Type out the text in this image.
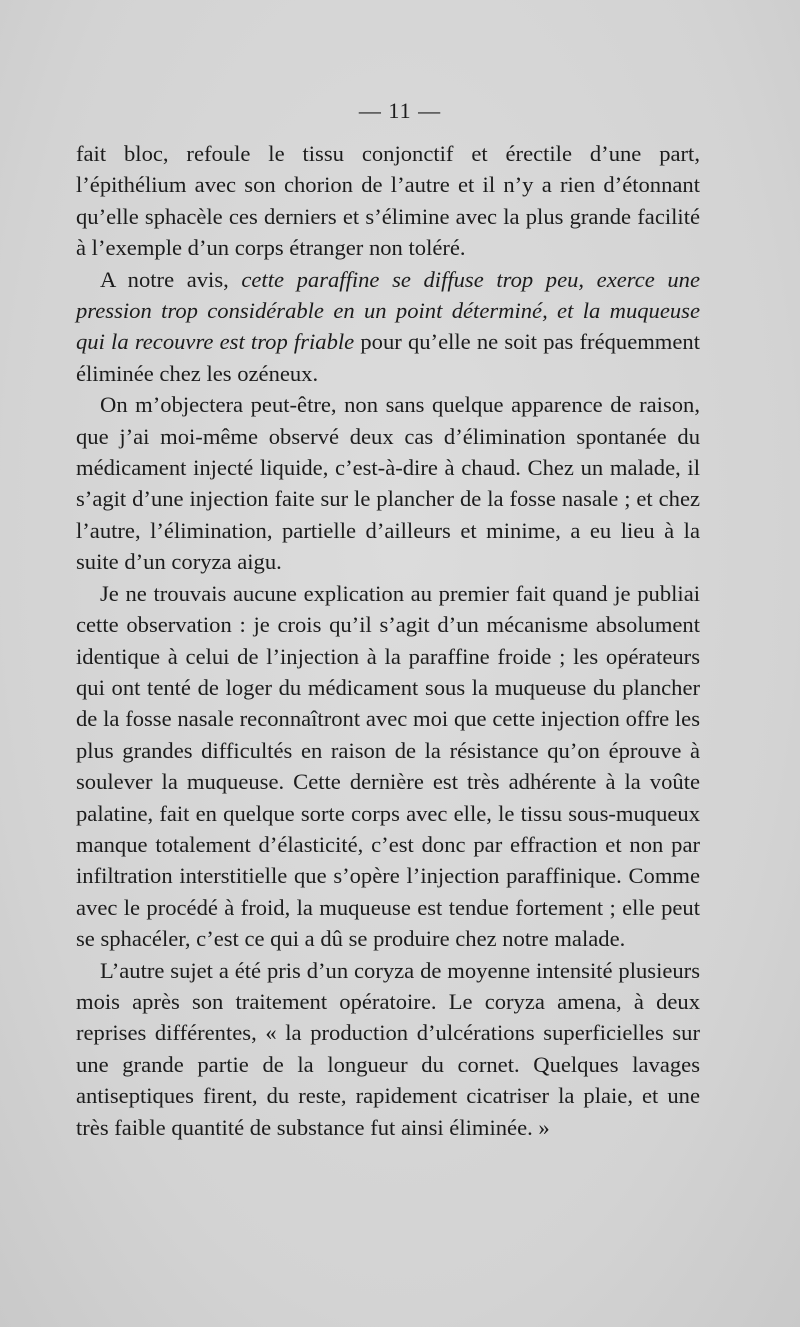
— 11 —

fait bloc, refoule le tissu conjonctif et érectile d’une part, l’épithélium avec son chorion de l’autre et il n’y a rien d’étonnant qu’elle sphacèle ces derniers et s’élimine avec la plus grande facilité à l’exemple d’un corps étranger non toléré.

A notre avis, cette paraffine se diffuse trop peu, exerce une pression trop considérable en un point déterminé, et la muqueuse qui la recouvre est trop friable pour qu’elle ne soit pas fréquemment éliminée chez les ozéneux.

On m’objectera peut-être, non sans quelque apparence de raison, que j’ai moi-même observé deux cas d’élimination spontanée du médicament injecté liquide, c’est-à-dire à chaud. Chez un malade, il s’agit d’une injection faite sur le plancher de la fosse nasale ; et chez l’autre, l’élimination, partielle d’ailleurs et minime, a eu lieu à la suite d’un coryza aigu.

Je ne trouvais aucune explication au premier fait quand je publiai cette observation : je crois qu’il s’agit d’un mécanisme absolument identique à celui de l’injection à la paraffine froide ; les opérateurs qui ont tenté de loger du médicament sous la muqueuse du plancher de la fosse nasale reconnaîtront avec moi que cette injection offre les plus grandes difficultés en raison de la résistance qu’on éprouve à soulever la muqueuse. Cette dernière est très adhérente à la voûte palatine, fait en quelque sorte corps avec elle, le tissu sous-muqueux manque totalement d’élasticité, c’est donc par effraction et non par infiltration interstitielle que s’opère l’injection paraffinique. Comme avec le procédé à froid, la muqueuse est tendue fortement ; elle peut se sphacéler, c’est ce qui a dû se produire chez notre malade.

L’autre sujet a été pris d’un coryza de moyenne intensité plusieurs mois après son traitement opératoire. Le coryza amena, à deux reprises différentes, « la production d’ulcérations superficielles sur une grande partie de la longueur du cornet. Quelques lavages antiseptiques firent, du reste, rapidement cicatriser la plaie, et une très faible quantité de substance fut ainsi éliminée. »
